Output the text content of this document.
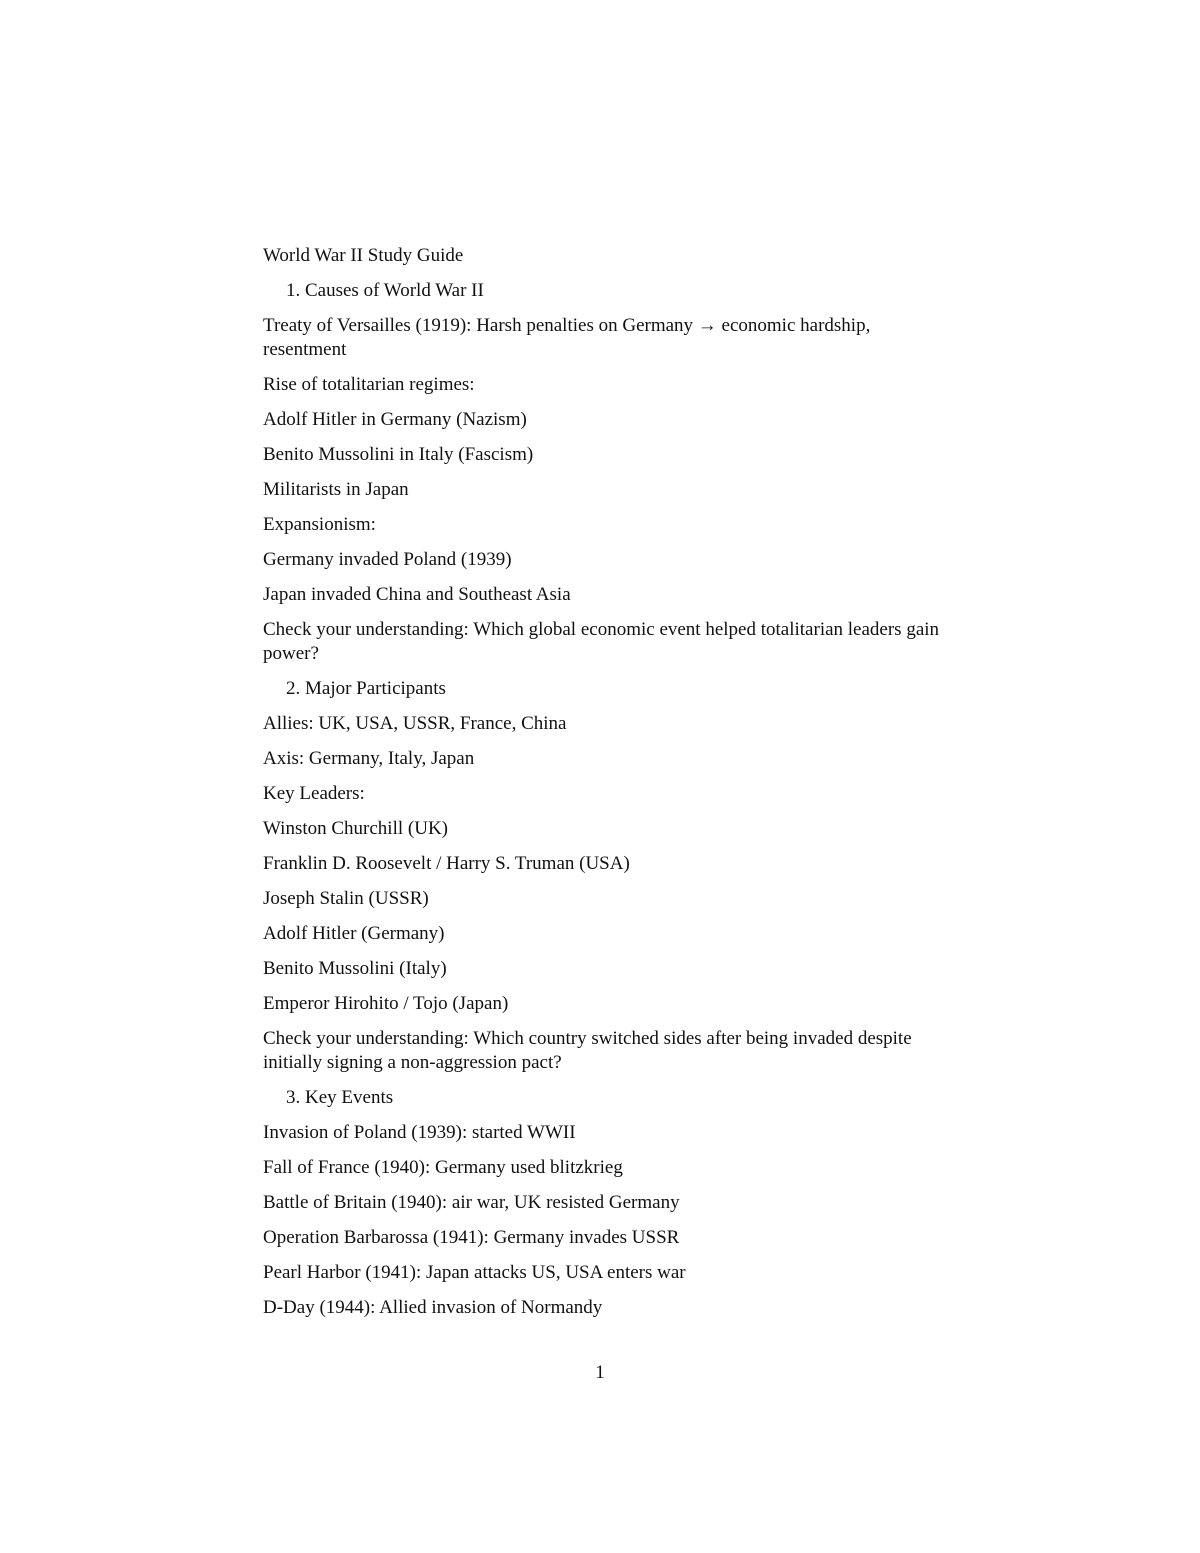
World War II Study Guide

1. Causes of World War II

Treaty of Versailles (1919): Harsh penalties on Germany → economic hardship, resentment

Rise of totalitarian regimes:

Adolf Hitler in Germany (Nazism)

Benito Mussolini in Italy (Fascism)

Militarists in Japan

Expansionism:

Germany invaded Poland (1939)

Japan invaded China and Southeast Asia

Check your understanding: Which global economic event helped totalitarian leaders gain power?

2. Major Participants

Allies: UK, USA, USSR, France, China

Axis: Germany, Italy, Japan

Key Leaders:

Winston Churchill (UK)

Franklin D. Roosevelt / Harry S. Truman (USA)

Joseph Stalin (USSR)

Adolf Hitler (Germany)

Benito Mussolini (Italy)

Emperor Hirohito / Tojo (Japan)

Check your understanding: Which country switched sides after being invaded despite initially signing a non-aggression pact?

3. Key Events

Invasion of Poland (1939): started WWII

Fall of France (1940): Germany used blitzkrieg

Battle of Britain (1940): air war, UK resisted Germany

Operation Barbarossa (1941): Germany invades USSR

Pearl Harbor (1941): Japan attacks US, USA enters war

D-Day (1944): Allied invasion of Normandy

1
